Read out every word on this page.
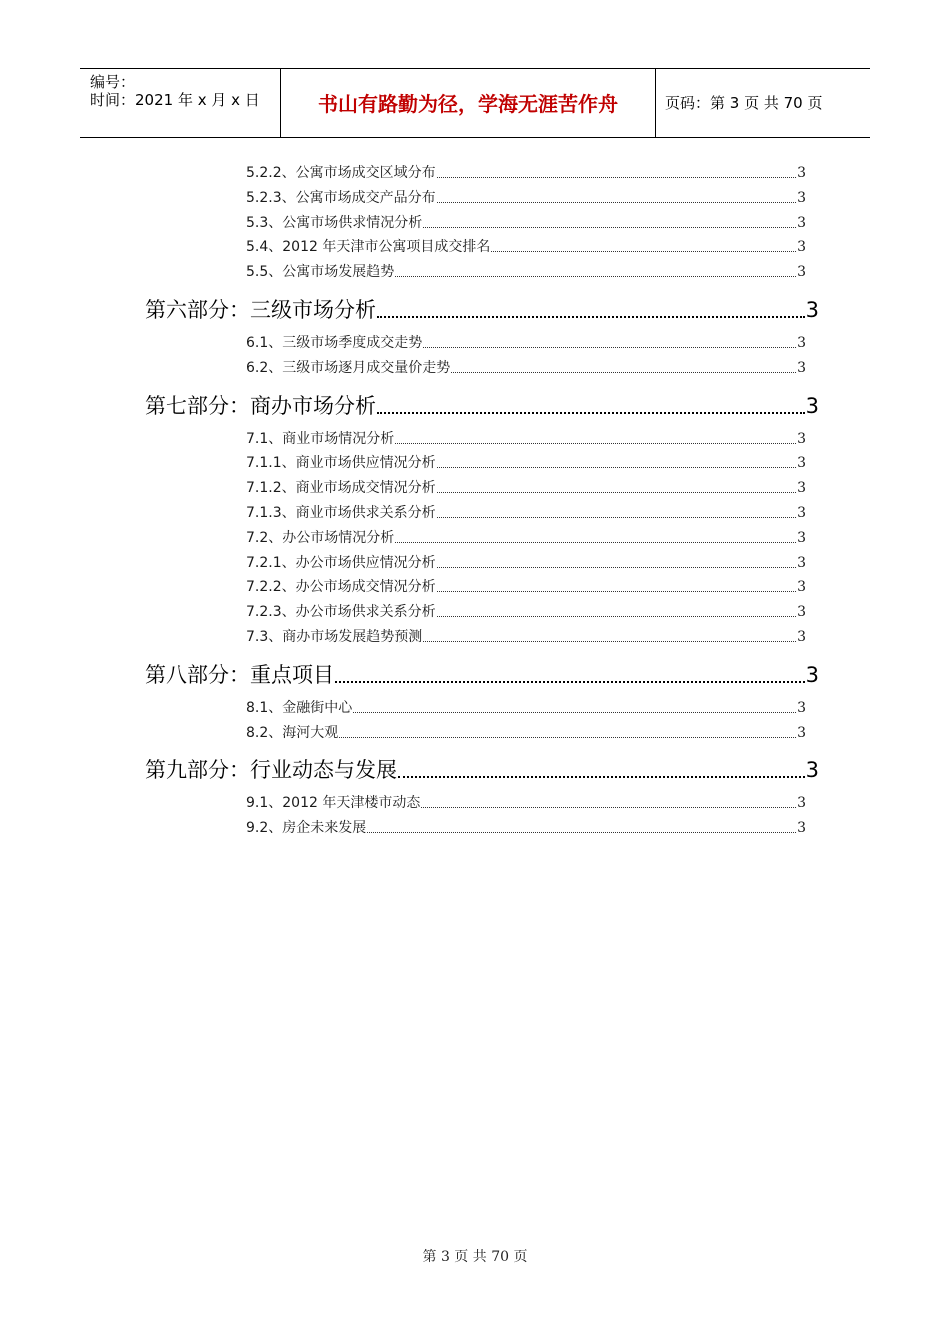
编号：
时间：2021 年 x 月 x 日	书山有路勤为径，学海无涯苦作舟	页码：第 3 页 共 70 页
5.2.2、公寓市场成交区域分布	3
5.2.3、公寓市场成交产品分布	3
5.3、公寓市场供求情况分析	3
5.4、2012 年天津市公寓项目成交排名	3
5.5、公寓市场发展趋势	3
第六部分：三级市场分析	3
6.1、三级市场季度成交走势	3
6.2、三级市场逐月成交量价走势	3
第七部分：商办市场分析	3
7.1、商业市场情况分析	3
7.1.1、商业市场供应情况分析	3
7.1.2、商业市场成交情况分析	3
7.1.3、商业市场供求关系分析	3
7.2、办公市场情况分析	3
7.2.1、办公市场供应情况分析	3
7.2.2、办公市场成交情况分析	3
7.2.3、办公市场供求关系分析	3
7.3、商办市场发展趋势预测	3
第八部分：重点项目	3
8.1、金融街中心	3
8.2、海河大观	3
第九部分：行业动态与发展	3
9.1、2012 年天津楼市动态	3
9.2、房企未来发展	3
第 3 页 共 70 页
